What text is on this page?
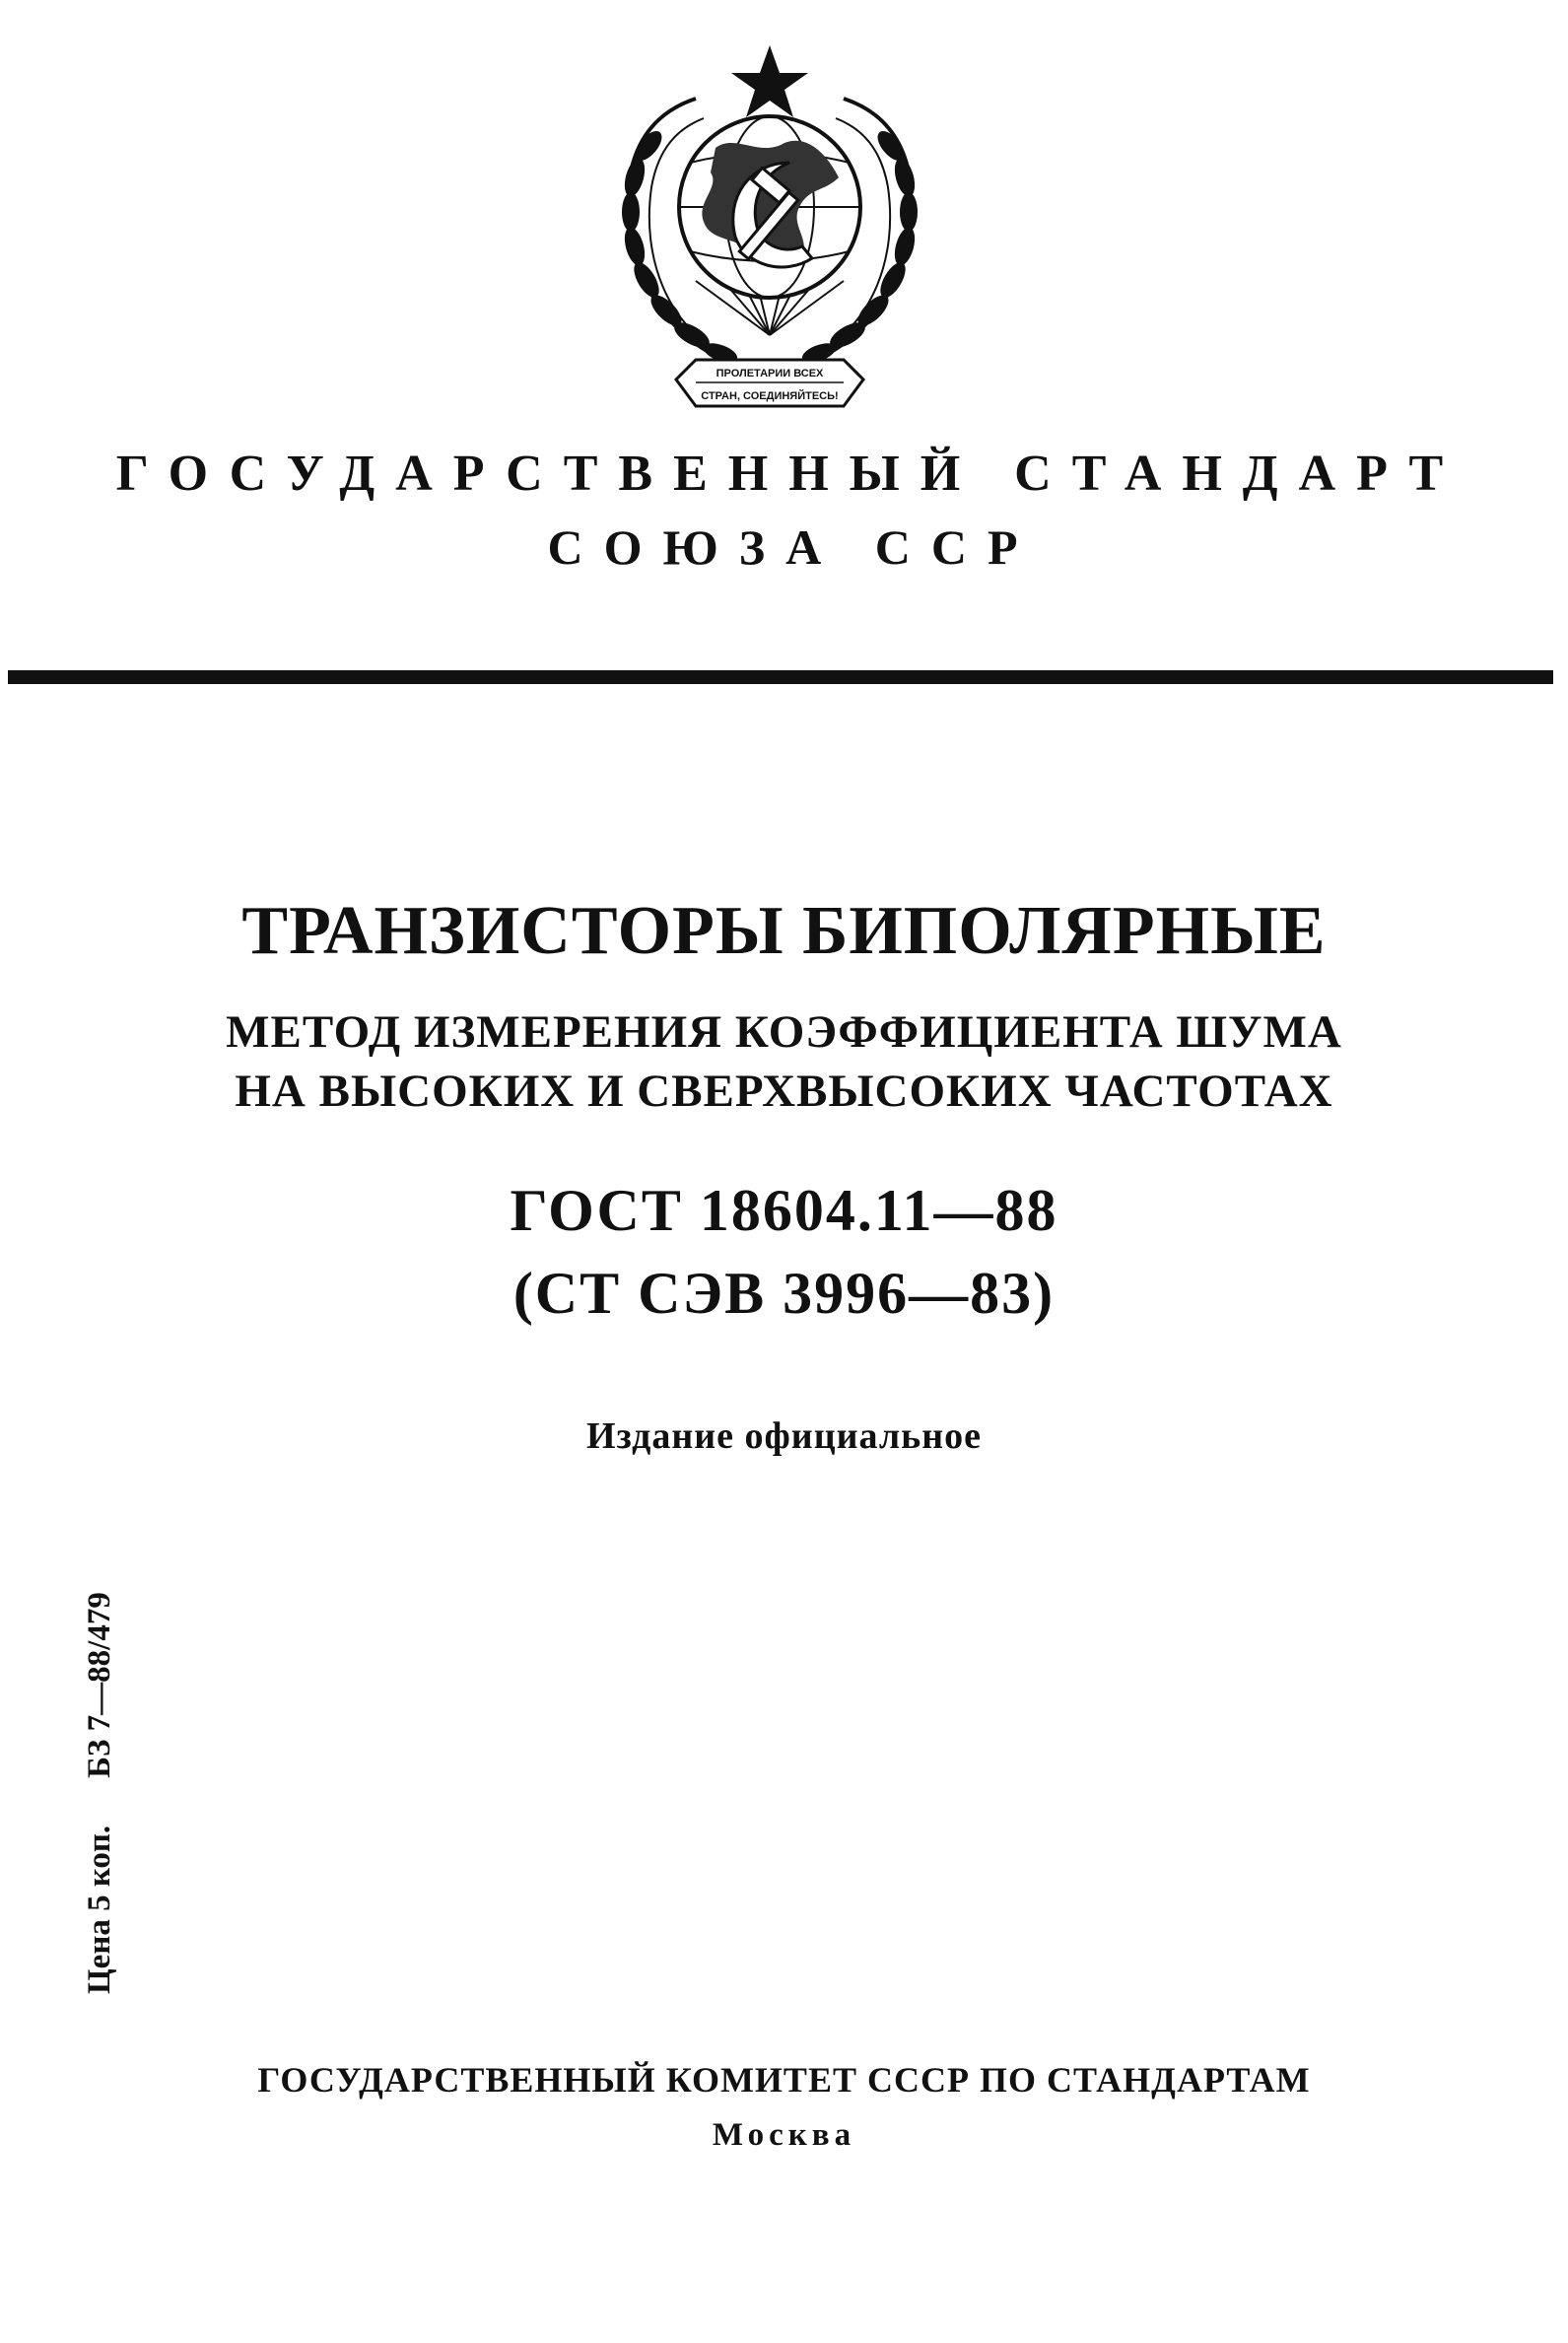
ПРОЛЕТАРИИ ВСЕХ
СТРАН, СОЕДИНЯЙТЕСЬ!
ГОСУДАРСТВЕННЫЙ СТАНДАРТ
СОЮЗА ССР
ТРАНЗИСТОРЫ БИПОЛЯРНЫЕ
МЕТОД ИЗМЕРЕНИЯ КОЭФФИЦИЕНТА ШУМА
НА ВЫСОКИХ И СВЕРХВЫСОКИХ ЧАСТОТАХ
ГОСТ 18604.11—88
(СТ СЭВ 3996—83)
Издание официальное
Цена 5 коп.
БЗ 7—88/479
ГОСУДАРСТВЕННЫЙ КОМИТЕТ СССР ПО СТАНДАРТАМ
Москва
